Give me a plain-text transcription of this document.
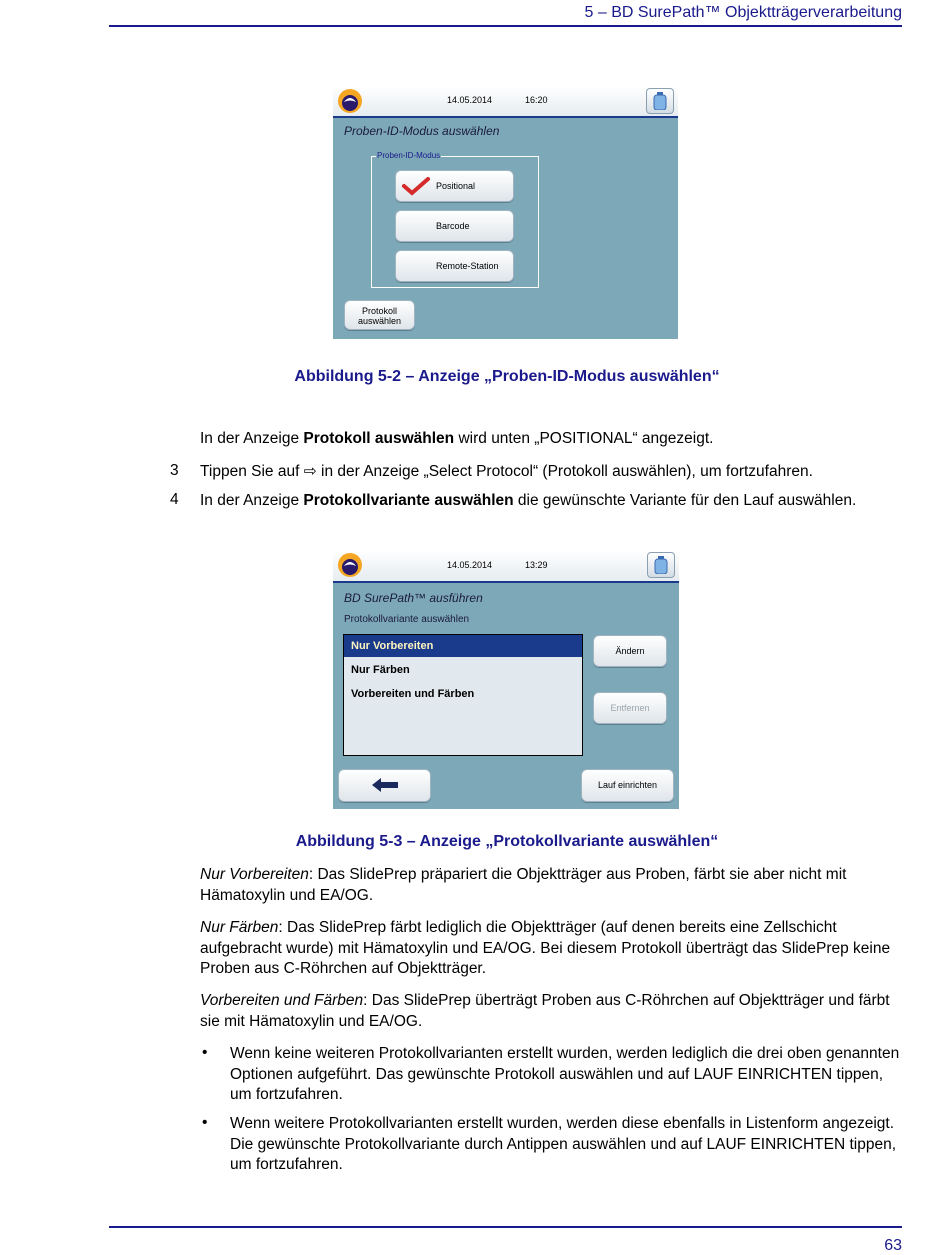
5 – BD SurePath™ Objektträgerverarbeitung
14.05.2014	16:20
Proben-ID-Modus auswählen
Proben-ID-Modus
Positional
Barcode
Remote-Station
Protokoll
auswählen
Abbildung 5-2 – Anzeige „Proben-ID-Modus auswählen“
In der Anzeige Protokoll auswählen wird unten „POSITIONAL“ angezeigt.
3 Tippen Sie auf ⇨ in der Anzeige „Select Protocol“ (Protokoll auswählen), um fortzufahren.
4 In der Anzeige Protokollvariante auswählen die gewünschte Variante für den Lauf auswählen.
14.05.2014	13:29
BD SurePath™ ausführen
Protokollvariante auswählen
Nur Vorbereiten
Nur Färben
Vorbereiten und Färben
Ändern
Entfernen
Lauf einrichten
Abbildung 5-3 – Anzeige „Protokollvariante auswählen“
Nur Vorbereiten: Das SlidePrep präpariert die Objektträger aus Proben, färbt sie aber nicht mit Hämatoxylin und EA/OG.
Nur Färben: Das SlidePrep färbt lediglich die Objektträger (auf denen bereits eine Zellschicht aufgebracht wurde) mit Hämatoxylin und EA/OG. Bei diesem Protokoll überträgt das SlidePrep keine Proben aus C-Röhrchen auf Objektträger.
Vorbereiten und Färben: Das SlidePrep überträgt Proben aus C-Röhrchen auf Objektträger und färbt sie mit Hämatoxylin und EA/OG.
• Wenn keine weiteren Protokollvarianten erstellt wurden, werden lediglich die drei oben genannten Optionen aufgeführt. Das gewünschte Protokoll auswählen und auf LAUF EINRICHTEN tippen, um fortzufahren.
• Wenn weitere Protokollvarianten erstellt wurden, werden diese ebenfalls in Listenform angezeigt. Die gewünschte Protokollvariante durch Antippen auswählen und auf LAUF EINRICHTEN tippen, um fortzufahren.
63
